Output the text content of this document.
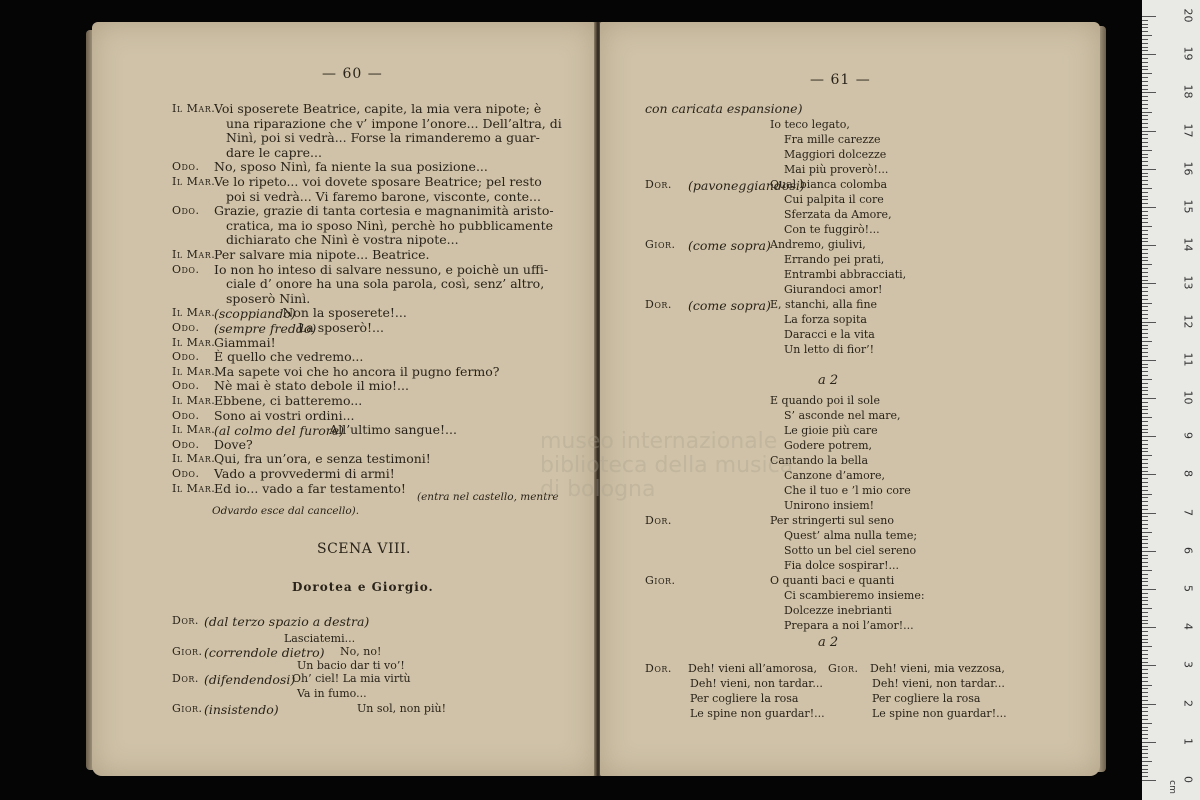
— 60 —
Il Mar.
Voi sposerete Beatrice, capite, la mia vera nipote; è
una riparazione che v’ impone l’onore... Dell’altra, di
Ninì, poi si vedrà... Forse la rimanderemo a guar-
dare le capre...
Odo. No, sposo Ninì, fa niente la sua posizione...
Il Mar.
Ve lo ripeto... voi dovete sposare Beatrice; pel resto
poi si vedrà... Vi faremo barone, visconte, conte...
Odo. Grazie, grazie di tanta cortesia e magnanimità aristo-
cratica, ma io sposo Ninì, perchè ho pubblicamente
dichiarato che Ninì è vostra nipote...
Il Mar.
Per salvare mia nipote... Beatrice.
Odo. Io non ho inteso di salvare nessuno, e poichè un uffi-
ciale d’ onore ha una sola parola, così, senz’ altro,
sposerò Ninì.
Il Mar.
(scoppiando)
Non la sposerete!...
Odo. (sempre freddo)
La sposerò!...
Il Mar.
Giammai!
Odo. È quello che vedremo...
Il Mar.
Ma sapete voi che ho ancora il pugno fermo?
Odo. Nè mai è stato debole il mio!...
Il Mar.
Ebbene, ci batteremo...
Odo. Sono ai vostri ordini...
Il Mar.
(al colmo del furore)
All’ultimo sangue!...
Odo. Dove?
Il Mar.
Qui, fra un’ora, e senza testimoni!
Odo. Vado a provvedermi di armi!
Il Mar.
Ed io... vado a far testamento!
(entra nel castello, mentre
Odvardo esce dal cancello).
SCENA VIII.
Dorotea e Giorgio.
Dor. (dal terzo spazio a destra)
Lasciatemi...
Gior. (correndole dietro) No, no!
Un bacio dar ti vo’!
Dor. (difendendosi)
Oh’ ciel! La mia virtù
Va in fumo...
Gior. (insistendo)	Un sol, non più!
— 61 —
con caricata espansione)
Io teco legato,
Fra mille carezze
Maggiori dolcezze
Mai più proverò!...
Dor. (pavoneggiandosi)
Qual bianca colomba
Cui palpita il core
Sferzata da Amore,
Con te fuggirò!...
Gior. (come sopra) Andremo, giulivi,
Errando pei prati,
Entrambi abbracciati,
Giurandoci amor!
Dor. (come sopra) E, stanchi, alla fine
La forza sopita
Daracci e la vita
Un letto di fior’!
a 2
E quando poi il sole
S’ asconde nel mare,
Le gioie più care
Godere potrem,
Cantando la bella
Canzone d’amore,
Che il tuo e ’l mio core
Unirono insiem!
Dor.	Per stringerti sul seno
Quest’ alma nulla teme;
Sotto un bel ciel sereno
Fia dolce sospirar!...
Gior.	O quanti baci e quanti
Ci scambieremo insieme:
Dolcezze inebrianti
Prepara a noi l’amor!...
a 2
Dor. Deh! vieni all’amorosa,
Deh! vieni, non tardar...
Per cogliere la rosa
Le spine non guardar!...
Gior. Deh! vieni, mia vezzosa,
Deh! vieni, non tardar...
Per cogliere la rosa
Le spine non guardar!...
museo internazionale
biblioteca della musica
di bologna
20
19
18
17
16
15
14
13
12
11
10
9
8
7
6
5
4
3
2
1
0
cm
